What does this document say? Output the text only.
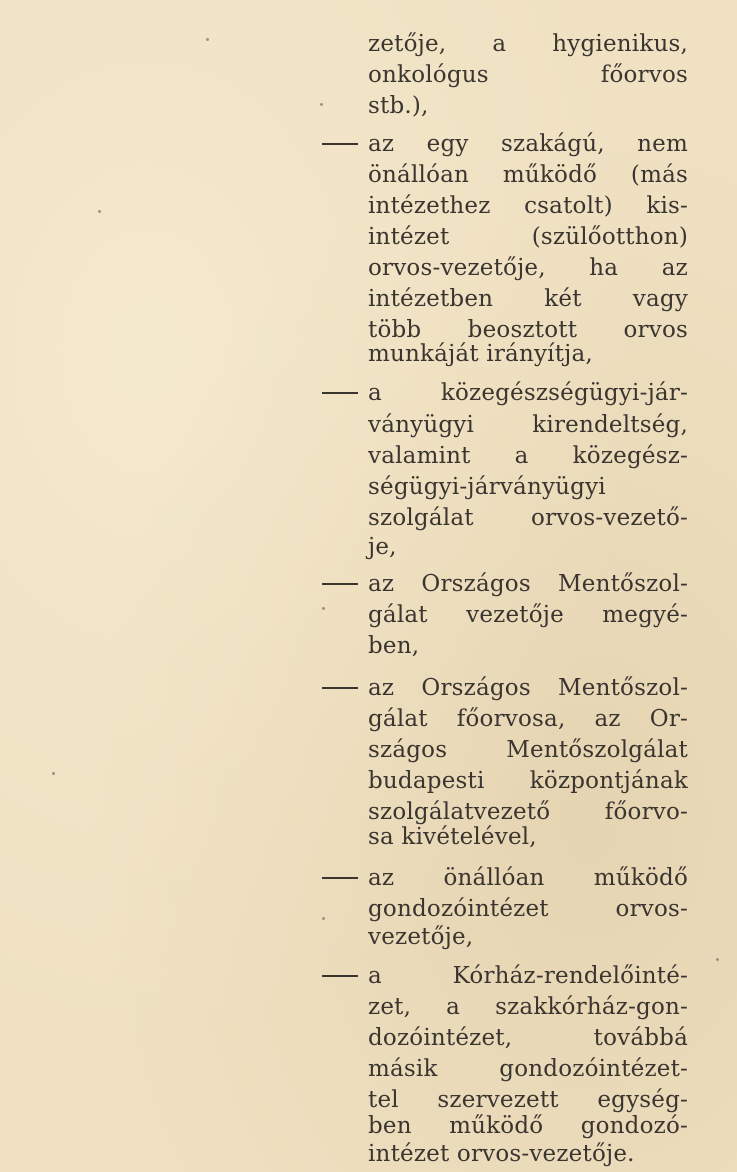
zetője, a hygienikus,
onkológus főorvos
stb.),
az egy szakágú, nem
önállóan működő (más
intézethez csatolt) kis-
intézet (szülőotthon)
orvos-vezetője, ha az
intézetben két vagy
több beosztott orvos
munkáját irányítja,
a közegészségügyi-jár-
ványügyi kirendeltség,
valamint a közegész-
ségügyi-járványügyi
szolgálat orvos-vezető-
je,
az Országos Mentőszol-
gálat vezetője megyé-
ben,
az Országos Mentőszol-
gálat főorvosa, az Or-
szágos Mentőszolgálat
budapesti központjának
szolgálatvezető főorvo-
sa kivételével,
az önállóan működő
gondozóintézet orvos-
vezetője,
a Kórház-rendelőinté-
zet, a szakkórház-gon-
dozóintézet, továbbá
másik gondozóintézet-
tel szervezett egység-
ben működő gondozó-
intézet orvos-vezetője.
